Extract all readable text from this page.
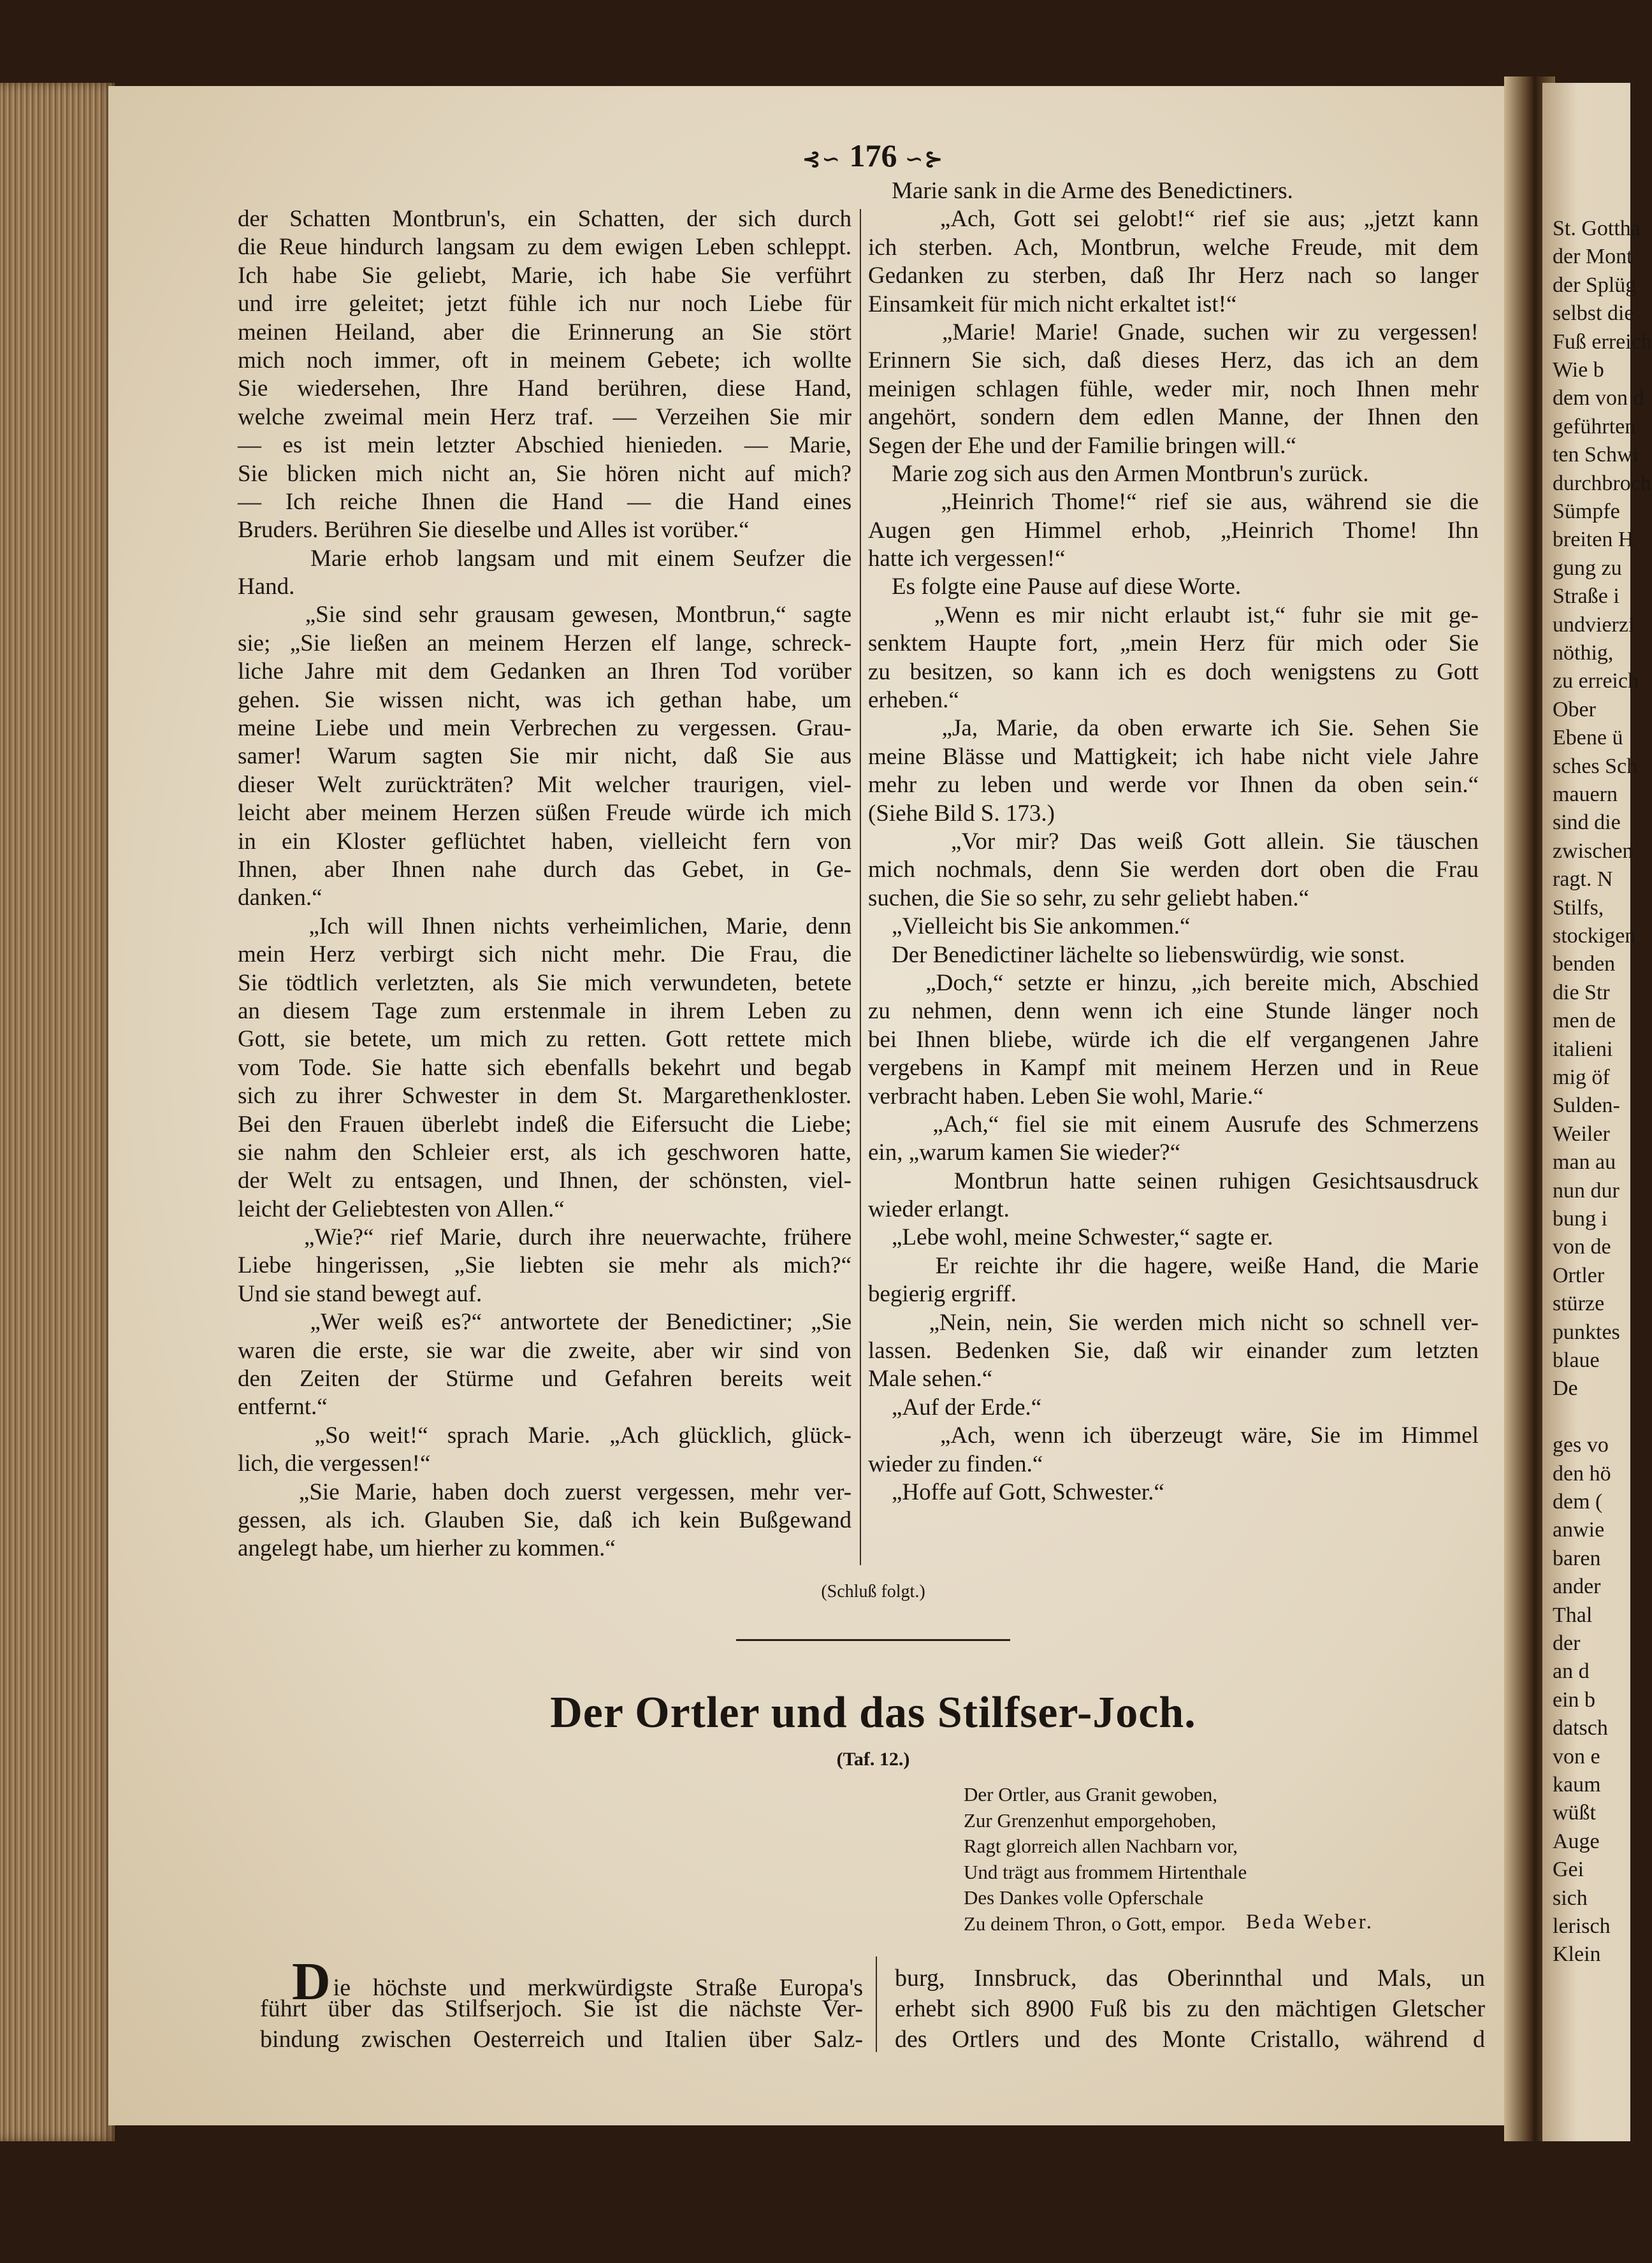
St. Gottha
der Mont
der Splüg
selbst die
Fuß erreich
Wie b
dem von d
geführten
ten Schwi
durchbroch
Sümpfe
breiten H
gung zu
Straße i
undvierzi
nöthig,
zu erreich
Ober
Ebene ü
sches Sch
mauern
sind die
zwischen
ragt. N
Stilfs,
stockigen
benden
die Str
men de
italieni
mig öf
Sulden-
Weiler
man au
nun dur
bung i
von de
Ortler
stürze
punktes
blaue
De
ges vo
den hö
dem (
anwie
baren
ander
Thal
der
an d
ein b
datsch
von e
kaum
wüßt
Auge
Gei
sich
lerisch
Klein
⊰∽ 176 ∽⊱
der Schatten Montbrun's, ein Schatten, der sich durch
die Reue hindurch langsam zu dem ewigen Leben schleppt.
Ich habe Sie geliebt, Marie, ich habe Sie verführt
und irre geleitet; jetzt fühle ich nur noch Liebe für
meinen Heiland, aber die Erinnerung an Sie stört
mich noch immer, oft in meinem Gebete; ich wollte
Sie wiedersehen, Ihre Hand berühren, diese Hand,
welche zweimal mein Herz traf. — Verzeihen Sie mir
— es ist mein letzter Abschied hienieden. — Marie,
Sie blicken mich nicht an, Sie hören nicht auf mich?
— Ich reiche Ihnen die Hand — die Hand eines
Bruders. Berühren Sie dieselbe und Alles ist vorüber.“
Marie erhob langsam und mit einem Seufzer die
Hand.
„Sie sind sehr grausam gewesen, Montbrun,“ sagte
sie; „Sie ließen an meinem Herzen elf lange, schreck-
liche Jahre mit dem Gedanken an Ihren Tod vorüber
gehen. Sie wissen nicht, was ich gethan habe, um
meine Liebe und mein Verbrechen zu vergessen. Grau-
samer! Warum sagten Sie mir nicht, daß Sie aus
dieser Welt zurückträten? Mit welcher traurigen, viel-
leicht aber meinem Herzen süßen Freude würde ich mich
in ein Kloster geflüchtet haben, vielleicht fern von
Ihnen, aber Ihnen nahe durch das Gebet, in Ge-
danken.“
„Ich will Ihnen nichts verheimlichen, Marie, denn
mein Herz verbirgt sich nicht mehr. Die Frau, die
Sie tödtlich verletzten, als Sie mich verwundeten, betete
an diesem Tage zum erstenmale in ihrem Leben zu
Gott, sie betete, um mich zu retten. Gott rettete mich
vom Tode. Sie hatte sich ebenfalls bekehrt und begab
sich zu ihrer Schwester in dem St. Margarethenkloster.
Bei den Frauen überlebt indeß die Eifersucht die Liebe;
sie nahm den Schleier erst, als ich geschworen hatte,
der Welt zu entsagen, und Ihnen, der schönsten, viel-
leicht der Geliebtesten von Allen.“
„Wie?“ rief Marie, durch ihre neuerwachte, frühere
Liebe hingerissen, „Sie liebten sie mehr als mich?“
Und sie stand bewegt auf.
„Wer weiß es?“ antwortete der Benedictiner; „Sie
waren die erste, sie war die zweite, aber wir sind von
den Zeiten der Stürme und Gefahren bereits weit
entfernt.“
„So weit!“ sprach Marie. „Ach glücklich, glück-
lich, die vergessen!“
„Sie Marie, haben doch zuerst vergessen, mehr ver-
gessen, als ich. Glauben Sie, daß ich kein Bußgewand
angelegt habe, um hierher zu kommen.“
Marie sank in die Arme des Benedictiners.
„Ach, Gott sei gelobt!“ rief sie aus; „jetzt kann
ich sterben. Ach, Montbrun, welche Freude, mit dem
Gedanken zu sterben, daß Ihr Herz nach so langer
Einsamkeit für mich nicht erkaltet ist!“
„Marie! Marie! Gnade, suchen wir zu vergessen!
Erinnern Sie sich, daß dieses Herz, das ich an dem
meinigen schlagen fühle, weder mir, noch Ihnen mehr
angehört, sondern dem edlen Manne, der Ihnen den
Segen der Ehe und der Familie bringen will.“
Marie zog sich aus den Armen Montbrun's zurück.
„Heinrich Thome!“ rief sie aus, während sie die
Augen gen Himmel erhob, „Heinrich Thome! Ihn
hatte ich vergessen!“
Es folgte eine Pause auf diese Worte.
„Wenn es mir nicht erlaubt ist,“ fuhr sie mit ge-
senktem Haupte fort, „mein Herz für mich oder Sie
zu besitzen, so kann ich es doch wenigstens zu Gott
erheben.“
„Ja, Marie, da oben erwarte ich Sie. Sehen Sie
meine Blässe und Mattigkeit; ich habe nicht viele Jahre
mehr zu leben und werde vor Ihnen da oben sein.“
(Siehe Bild S. 173.)
„Vor mir? Das weiß Gott allein. Sie täuschen
mich nochmals, denn Sie werden dort oben die Frau
suchen, die Sie so sehr, zu sehr geliebt haben.“
„Vielleicht bis Sie ankommen.“
Der Benedictiner lächelte so liebenswürdig, wie sonst.
„Doch,“ setzte er hinzu, „ich bereite mich, Abschied
zu nehmen, denn wenn ich eine Stunde länger noch
bei Ihnen bliebe, würde ich die elf vergangenen Jahre
vergebens in Kampf mit meinem Herzen und in Reue
verbracht haben. Leben Sie wohl, Marie.“
„Ach,“ fiel sie mit einem Ausrufe des Schmerzens
ein, „warum kamen Sie wieder?“
Montbrun hatte seinen ruhigen Gesichtsausdruck
wieder erlangt.
„Lebe wohl, meine Schwester,“ sagte er.
Er reichte ihr die hagere, weiße Hand, die Marie
begierig ergriff.
„Nein, nein, Sie werden mich nicht so schnell ver-
lassen. Bedenken Sie, daß wir einander zum letzten
Male sehen.“
„Auf der Erde.“
„Ach, wenn ich überzeugt wäre, Sie im Himmel
wieder zu finden.“
„Hoffe auf Gott, Schwester.“
(Schluß folgt.)
Der Ortler und das Stilfser-Joch.
(Taf. 12.)
Der Ortler, aus Granit gewoben,
Zur Grenzenhut emporgehoben,
Ragt glorreich allen Nachbarn vor,
Und trägt aus frommem Hirtenthale
Des Dankes volle Opferschale
Zu deinem Thron, o Gott, empor. Beda Weber.
Die höchste und merkwürdigste Straße Europa's
führt über das Stilfserjoch. Sie ist die nächste Ver-
bindung zwischen Oesterreich und Italien über Salz-
burg, Innsbruck, das Oberinnthal und Mals, un
erhebt sich 8900 Fuß bis zu den mächtigen Gletscher
des Ortlers und des Monte Cristallo, während d
